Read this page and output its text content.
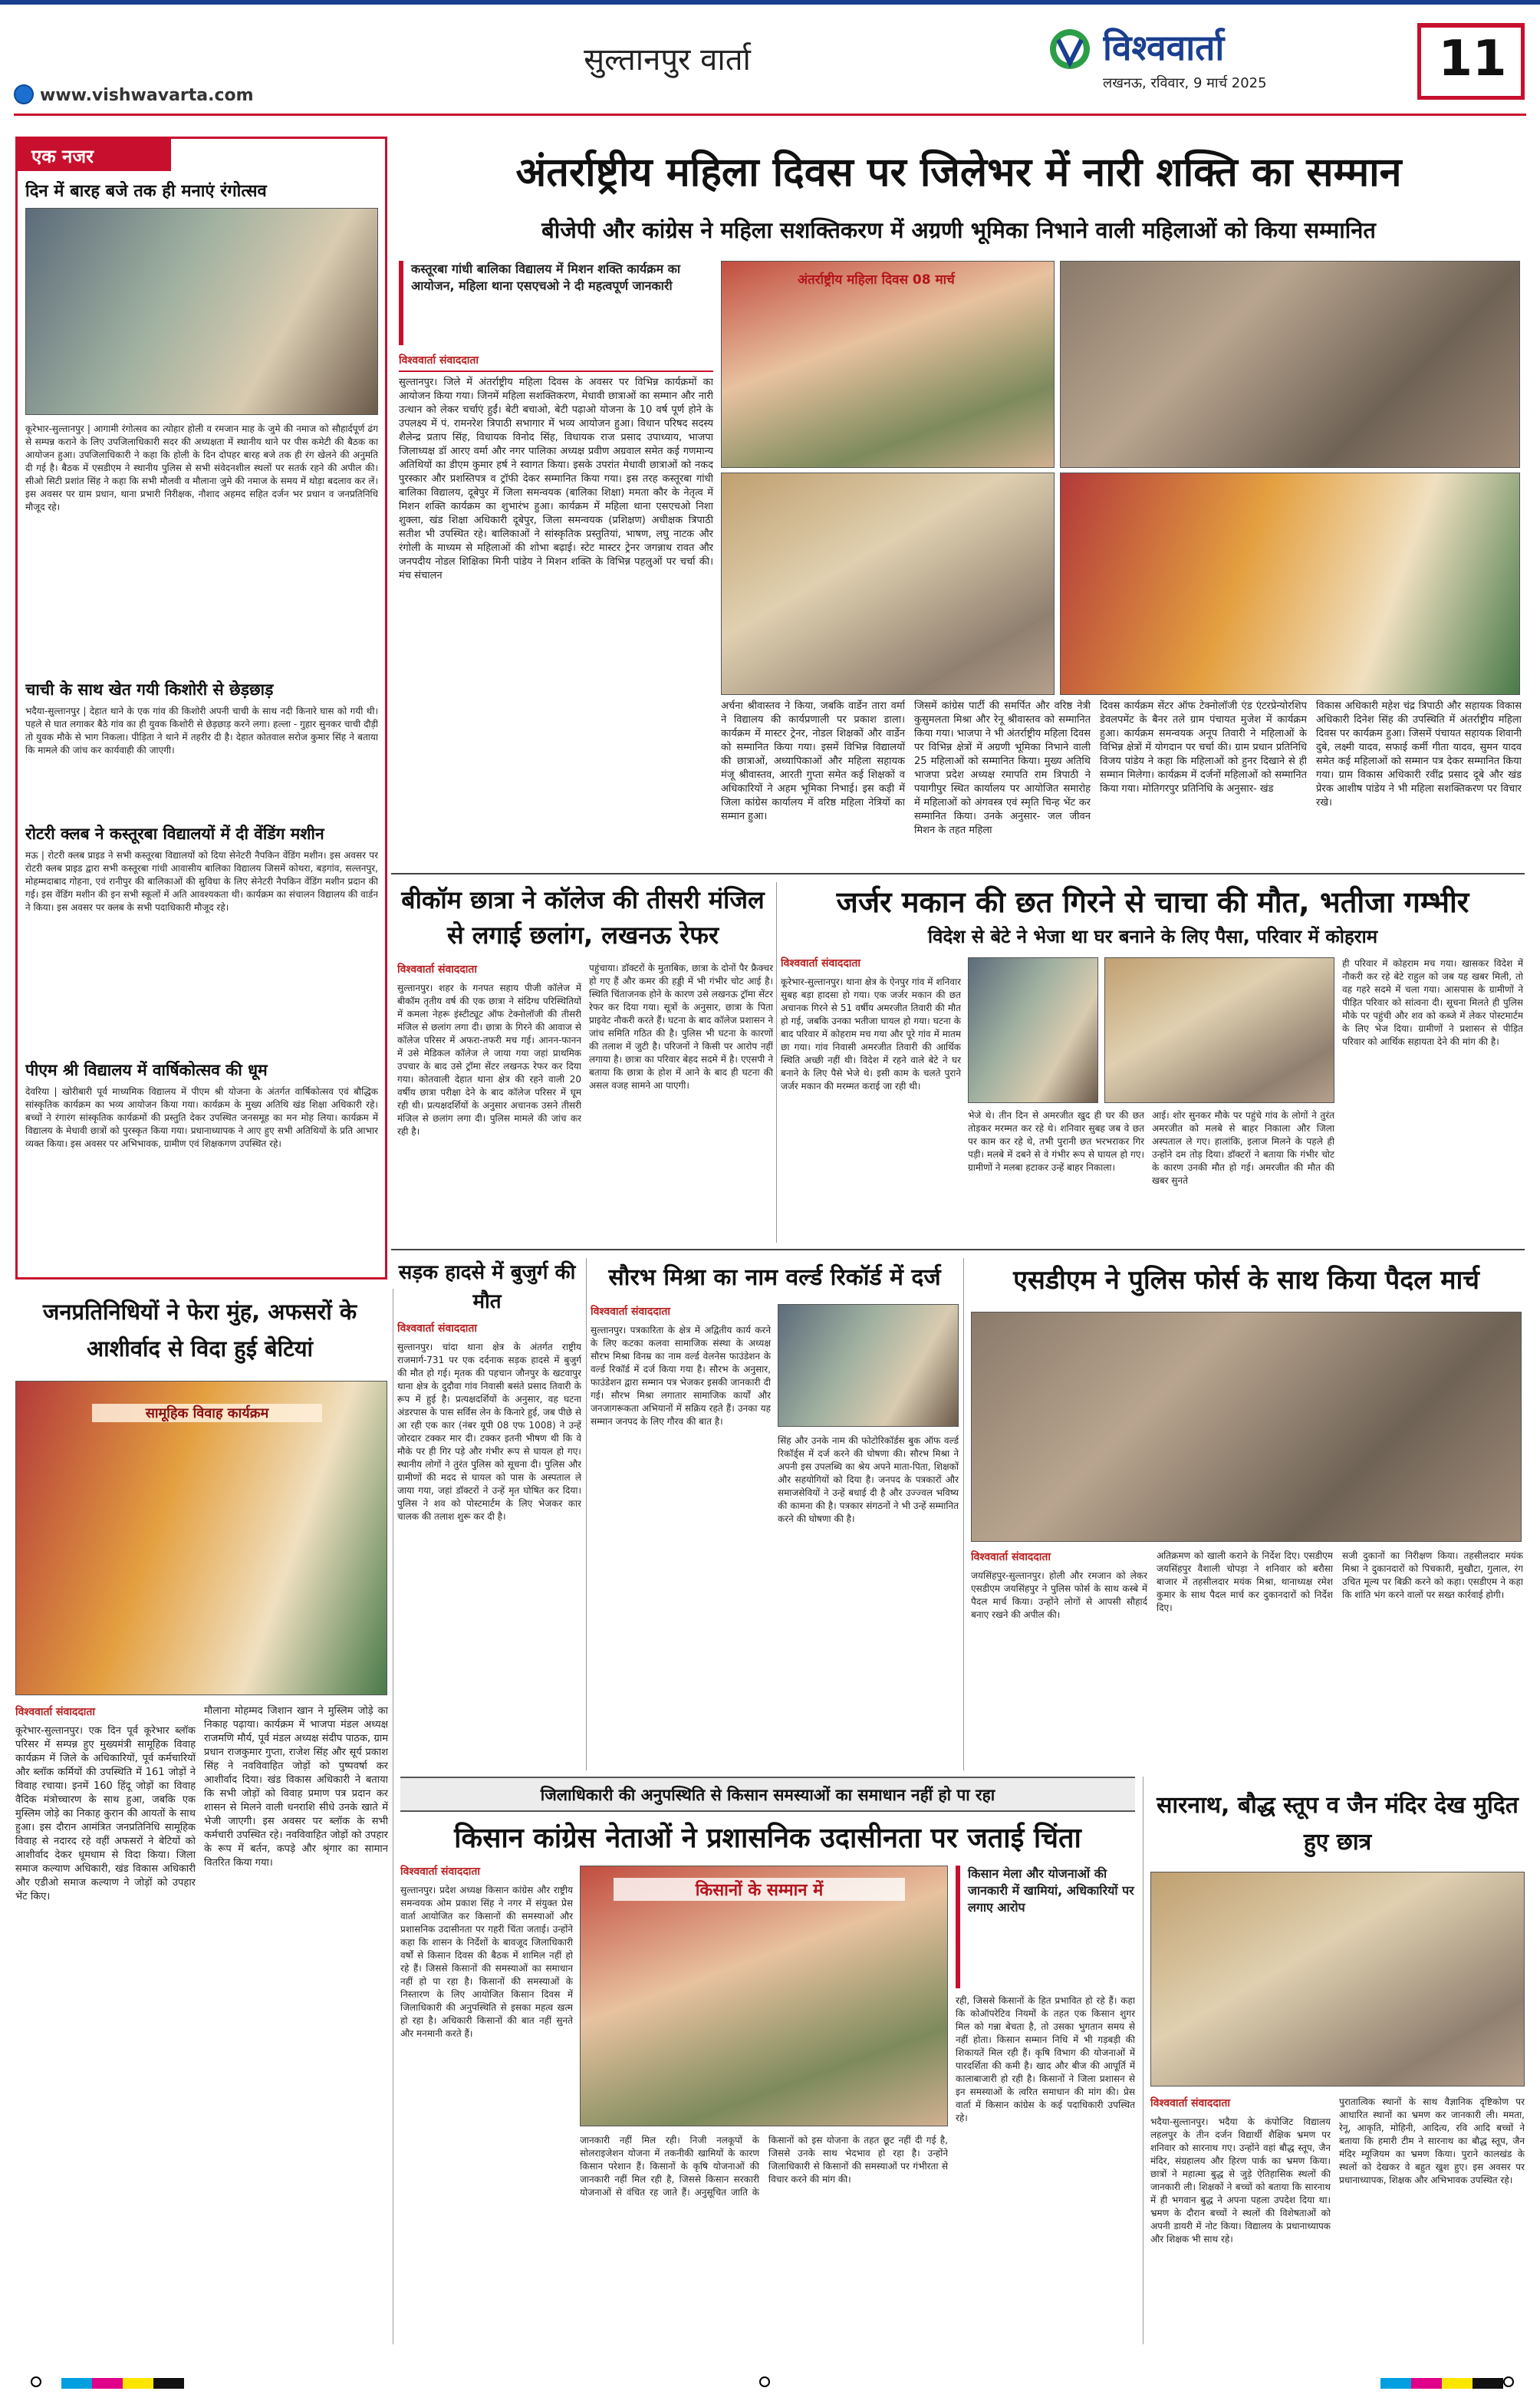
सुल्तानपुर वार्ता
www.vishwavarta.com
विश्ववार्ता
लखनऊ, रविवार, 9 मार्च 2025	11
एक नजर
दिन में बारह बजे तक ही मनाएं रंगोत्सव
कूरेभार-सुल्तानपुर | आगामी रंगोत्सव का त्योहार होली व रमजान माह के जुमे की नमाज को सौहार्दपूर्ण ढंग से सम्पन्न कराने के लिए उपजिलाधिकारी सदर की अध्यक्षता में स्थानीय थाने पर पीस कमेटी की बैठक का आयोजन हुआ। उपजिलाधिकारी ने कहा कि होली के दिन दोपहर बारह बजे तक ही रंग खेलने की अनुमति दी गई है। बैठक में एसडीएम ने स्थानीय पुलिस से सभी संवेदनशील स्थलों पर सतर्क रहने की अपील की। सीओ सिटी प्रशांत सिंह ने कहा कि सभी मौलवी व मौलाना जुमे की नमाज के समय में थोड़ा बदलाव कर लें। इस अवसर पर ग्राम प्रधान, थाना प्रभारी निरीक्षक, नौशाद अहमद सहित दर्जन भर प्रधान व जनप्रतिनिधि मौजूद रहे।
चाची के साथ खेत गयी किशोरी से छेड़छाड़
भदैया-सुल्तानपुर | देहात थाने के एक गांव की किशोरी अपनी चाची के साथ नदी किनारे घास को गयी थी। पहले से घात लगाकर बैठे गांव का ही युवक किशोरी से छेड़छाड़ करने लगा। हल्ला - गुहार सुनकर चाची दौड़ी तो युवक मौके से भाग निकला। पीड़िता ने थाने में तहरीर दी है। देहात कोतवाल सरोज कुमार सिंह ने बताया कि मामले की जांच कर कार्यवाही की जाएगी।
रोटरी क्लब ने कस्तूरबा विद्यालयों में दी वेंडिंग मशीन
मऊ | रोटरी क्लब प्राइड ने सभी कस्तूरबा विद्यालयों को दिया सेनेटरी नैपकिन वेंडिंग मशीन। इस अवसर पर रोटरी क्लब प्राइड द्वारा सभी कस्तूरबा गांधी आवासीय बालिका विद्यालय जिसमें कोथरा, बड़गांव, सल्तनपुर, मोहम्मदाबाद गोहना, एवं रानीपुर की बालिकाओं की सुविधा के लिए सेनेटरी नैपकिन वेंडिंग मशीन प्रदान की गई। इस वेंडिंग मशीन की इन सभी स्कूलों में अति आवश्यकता थी। कार्यक्रम का संचालन विद्यालय की वार्डन ने किया। इस अवसर पर क्लब के सभी पदाधिकारी मौजूद रहे।
पीएम श्री विद्यालय में वार्षिकोत्सव की धूम
देवरिया | खोरीबारी पूर्व माध्यमिक विद्यालय में पीएम श्री योजना के अंतर्गत वार्षिकोत्सव एवं बौद्धिक सांस्कृतिक कार्यक्रम का भव्य आयोजन किया गया। कार्यक्रम के मुख्य अतिथि खंड शिक्षा अधिकारी रहे। बच्चों ने रंगारंग सांस्कृतिक कार्यक्रमों की प्रस्तुति देकर उपस्थित जनसमूह का मन मोह लिया। कार्यक्रम में विद्यालय के मेधावी छात्रों को पुरस्कृत किया गया। प्रधानाध्यापक ने आए हुए सभी अतिथियों के प्रति आभार व्यक्त किया। इस अवसर पर अभिभावक, ग्रामीण एवं शिक्षकगण उपस्थित रहे।
अंतर्राष्ट्रीय महिला दिवस पर जिलेभर में नारी शक्ति का सम्मान
बीजेपी और कांग्रेस ने महिला सशक्तिकरण में अग्रणी भूमिका निभाने वाली महिलाओं को किया सम्मानित
कस्तूरबा गांधी बालिका विद्यालय में मिशन शक्ति कार्यक्रम का आयोजन, महिला थाना एसएचओ ने दी महत्वपूर्ण जानकारी	अंतर्राष्ट्रीय महिला दिवस 08 मार्च
विश्ववार्ता संवाददाता
सुल्तानपुर। जिले में अंतर्राष्ट्रीय महिला दिवस के अवसर पर विभिन्न कार्यक्रमों का आयोजन किया गया। जिनमें महिला सशक्तिकरण, मेधावी छात्राओं का सम्मान और नारी उत्थान को लेकर चर्चाएं हुईं। बेटी बचाओ, बेटी पढ़ाओ योजना के 10 वर्ष पूर्ण होने के उपलक्ष्य में पं. रामनरेश त्रिपाठी सभागार में भव्य आयोजन हुआ। विधान परिषद सदस्य शैलेन्द्र प्रताप सिंह, विधायक विनोद सिंह, विधायक राज प्रसाद उपाध्याय, भाजपा जिलाध्यक्ष डॉ आरए वर्मा और नगर पालिका अध्यक्ष प्रवीण अग्रवाल समेत कई गणमान्य अतिथियों का डीएम कुमार हर्ष ने स्वागत किया। इसके उपरांत मेधावी छात्राओं को नकद पुरस्कार और प्रशस्तिपत्र व ट्रॉफी देकर सम्मानित किया गया। इस तरह कस्तूरबा गांधी बालिका विद्यालय, दूबेपुर में जिला समन्वयक (बालिका शिक्षा) ममता कौर के नेतृत्व में मिशन शक्ति कार्यक्रम का शुभारंभ हुआ। कार्यक्रम में महिला थाना एसएचओ निशा शुक्ला, खंड शिक्षा अधिकारी दूबेपुर, जिला समन्वयक (प्रशिक्षण) अधीक्षक त्रिपाठी सतीश भी उपस्थित रहे। बालिकाओं ने सांस्कृतिक प्रस्तुतियां, भाषण, लघु नाटक और रंगोली के माध्यम से महिलाओं की शोभा बढ़ाई। स्टेट मास्टर ट्रेनर जगन्नाथ रावत और जनपदीय नोडल शिक्षिका मिनी पांडेय ने मिशन शक्ति के विभिन्न पहलुओं पर चर्चा की। मंच संचालन
अर्चना श्रीवास्तव ने किया, जबकि वार्डेन तारा वर्मा ने विद्यालय की कार्यप्रणाली पर प्रकाश डाला। कार्यक्रम में मास्टर ट्रेनर, नोडल शिक्षकों और वार्डेन को सम्मानित किया गया। इसमें विभिन्न विद्यालयों की छात्राओं, अध्यापिकाओं और महिला सहायक मंजू श्रीवास्तव, आरती गुप्ता समेत कई शिक्षकों व अधिकारियों ने अहम भूमिका निभाई। इस कड़ी में जिला कांग्रेस कार्यालय में वरिष्ठ महिला नेत्रियों का सम्मान हुआ।
जिसमें कांग्रेस पार्टी की समर्पित और वरिष्ठ नेत्री कुसुमलता मिश्रा और रेनू श्रीवास्तव को सम्मानित किया गया। भाजपा ने भी अंतर्राष्ट्रीय महिला दिवस पर विभिन्न क्षेत्रों में अग्रणी भूमिका निभाने वाली 25 महिलाओं को सम्मानित किया। मुख्य अतिथि भाजपा प्रदेश अध्यक्ष रमापति राम त्रिपाठी ने पयागीपुर स्थित कार्यालय पर आयोजित समारोह में महिलाओं को अंगवस्त्र एवं स्मृति चिन्ह भेंट कर सम्मानित किया। उनके अनुसार- जल जीवन मिशन के तहत महिला
दिवस कार्यक्रम सेंटर ऑफ टेक्नोलॉजी एंड एंटरप्रेन्योरशिप डेवलपमेंट के बैनर तले ग्राम पंचायत मुजेश में कार्यक्रम हुआ। कार्यक्रम समन्वयक अनूप तिवारी ने महिलाओं के विभिन्न क्षेत्रों में योगदान पर चर्चा की। ग्राम प्रधान प्रतिनिधि विजय पांडेय ने कहा कि महिलाओं को हुनर दिखाने से ही सम्मान मिलेगा। कार्यक्रम में दर्जनों महिलाओं को सम्मानित किया गया। मोतिगरपुर प्रतिनिधि के अनुसार- खंड
विकास अधिकारी महेश चंद्र त्रिपाठी और सहायक विकास अधिकारी दिनेश सिंह की उपस्थिति में अंतर्राष्ट्रीय महिला दिवस पर कार्यक्रम हुआ। जिसमें पंचायत सहायक शिवानी दुबे, लक्ष्मी यादव, सफाई कर्मी गीता यादव, सुमन यादव समेत कई महिलाओं को सम्मान पत्र देकर सम्मानित किया गया। ग्राम विकास अधिकारी रवींद्र प्रसाद दूबे और खंड प्रेरक आशीष पांडेय ने भी महिला सशक्तिकरण पर विचार रखे।
बीकॉम छात्रा ने कॉलेज की तीसरी मंजिल से लगाई छलांग, लखनऊ रेफर
विश्ववार्ता संवाददाता
सुल्तानपुर। शहर के गनपत सहाय पीजी कॉलेज में बीकॉम तृतीय वर्ष की एक छात्रा ने संदिग्ध परिस्थितियों में कमला नेहरू इंस्टीट्यूट ऑफ टेक्नोलॉजी की तीसरी मंजिल से छलांग लगा दी। छात्रा के गिरने की आवाज से कॉलेज परिसर में अफरा-तफरी मच गई। आनन-फानन में उसे मेडिकल कॉलेज ले जाया गया जहां प्राथमिक उपचार के बाद उसे ट्रॉमा सेंटर लखनऊ रेफर कर दिया गया। कोतवाली देहात थाना क्षेत्र की रहने वाली 20 वर्षीय छात्रा परीक्षा देने के बाद कॉलेज परिसर में घूम रही थी। प्रत्यक्षदर्शियों के अनुसार अचानक उसने तीसरी मंजिल से छलांग लगा दी। पुलिस मामले की जांच कर रही है।
पहुंचाया। डॉक्टरों के मुताबिक, छात्रा के दोनों पैर फ्रैक्चर हो गए हैं और कमर की हड्डी में भी गंभीर चोट आई है। स्थिति चिंताजनक होने के कारण उसे लखनऊ ट्रॉमा सेंटर रेफर कर दिया गया। सूत्रों के अनुसार, छात्रा के पिता प्राइवेट नौकरी करते हैं। घटना के बाद कॉलेज प्रशासन ने जांच समिति गठित की है। पुलिस भी घटना के कारणों की तलाश में जुटी है। परिजनों ने किसी पर आरोप नहीं लगाया है। छात्रा का परिवार बेहद सदमे में है। एएसपी ने बताया कि छात्रा के होश में आने के बाद ही घटना की असल वजह सामने आ पाएगी।
जर्जर मकान की छत गिरने से चाचा की मौत, भतीजा गम्भीर
विदेश से बेटे ने भेजा था घर बनाने के लिए पैसा, परिवार में कोहराम
विश्ववार्ता संवाददाता
कूरेभार-सुल्तानपुर। थाना क्षेत्र के ऐनपुर गांव में शनिवार सुबह बड़ा हादसा हो गया। एक जर्जर मकान की छत अचानक गिरने से 51 वर्षीय अमरजीत तिवारी की मौत हो गई, जबकि उनका भतीजा घायल हो गया। घटना के बाद परिवार में कोहराम मच गया और पूरे गांव में मातम छा गया। गांव निवासी अमरजीत तिवारी की आर्थिक स्थिति अच्छी नहीं थी। विदेश में रहने वाले बेटे ने घर बनाने के लिए पैसे भेजे थे। इसी काम के चलते पुराने जर्जर मकान की मरम्मत कराई जा रही थी।
भेजे थे। तीन दिन से अमरजीत खुद ही घर की छत तोड़कर मरम्मत कर रहे थे। शनिवार सुबह जब वे छत पर काम कर रहे थे, तभी पुरानी छत भरभराकर गिर पड़ी। मलबे में दबने से वे गंभीर रूप से घायल हो गए। ग्रामीणों ने मलबा हटाकर उन्हें बाहर निकाला।
आई। शोर सुनकर मौके पर पहुंचे गांव के लोगों ने तुरंत अमरजीत को मलबे से बाहर निकाला और जिला अस्पताल ले गए। हालांकि, इलाज मिलने के पहले ही उन्होंने दम तोड़ दिया। डॉक्टरों ने बताया कि गंभीर चोट के कारण उनकी मौत हो गई। अमरजीत की मौत की खबर सुनते
ही परिवार में कोहराम मच गया। खासकर विदेश में नौकरी कर रहे बेटे राहुल को जब यह खबर मिली, तो वह गहरे सदमे में चला गया। आसपास के ग्रामीणों ने पीड़ित परिवार को सांत्वना दी। सूचना मिलते ही पुलिस मौके पर पहुंची और शव को कब्जे में लेकर पोस्टमार्टम के लिए भेज दिया। ग्रामीणों ने प्रशासन से पीड़ित परिवार को आर्थिक सहायता देने की मांग की है।
सड़क हादसे में बुजुर्ग की मौत
विश्ववार्ता संवाददाता
सुल्तानपुर। चांदा थाना क्षेत्र के अंतर्गत राष्ट्रीय राजमार्ग-731 पर एक दर्दनाक सड़क हादसे में बुजुर्ग की मौत हो गई। मृतक की पहचान जौनपुर के खटवापुर थाना क्षेत्र के दुदौवा गांव निवासी बसंते प्रसाद तिवारी के रूप में हुई है। प्रत्यक्षदर्शियों के अनुसार, वह घटना अंडरपास के पास सर्विस लेन के किनारे हुई, जब पीछे से आ रही एक कार (नंबर यूपी 08 एफ 1008) ने उन्हें जोरदार टक्कर मार दी। टक्कर इतनी भीषण थी कि वे मौके पर ही गिर पड़े और गंभीर रूप से घायल हो गए। स्थानीय लोगों ने तुरंत पुलिस को सूचना दी। पुलिस और ग्रामीणों की मदद से घायल को पास के अस्पताल ले जाया गया, जहां डॉक्टरों ने उन्हें मृत घोषित कर दिया। पुलिस ने शव को पोस्टमार्टम के लिए भेजकर कार चालक की तलाश शुरू कर दी है।
सौरभ मिश्रा का नाम वर्ल्ड रिकॉर्ड में दर्ज
विश्ववार्ता संवाददाता
सुल्तानपुर। पत्रकारिता के क्षेत्र में अद्वितीय कार्य करने के लिए कटका कलवा सामाजिक संस्था के अध्यक्ष सौरभ मिश्रा विनम्र का नाम वर्ल्ड वेलनेस फाउंडेशन के वर्ल्ड रिकॉर्ड में दर्ज किया गया है। सौरभ के अनुसार, फाउंडेशन द्वारा सम्मान पत्र भेजकर इसकी जानकारी दी गई। सौरभ मिश्रा लगातार सामाजिक कार्यों और जनजागरूकता अभियानों में सक्रिय रहते हैं। उनका यह सम्मान जनपद के लिए गौरव की बात है।
सिंह और उनके नाम की फोटोरिकॉर्डस बुक ऑफ वर्ल्ड रिकॉर्ड्स में दर्ज करने की घोषणा की। सौरभ मिश्रा ने अपनी इस उपलब्धि का श्रेय अपने माता-पिता, शिक्षकों और सहयोगियों को दिया है। जनपद के पत्रकारों और समाजसेवियों ने उन्हें बधाई दी है और उज्ज्वल भविष्य की कामना की है। पत्रकार संगठनों ने भी उन्हें सम्मानित करने की घोषणा की है।
एसडीएम ने पुलिस फोर्स के साथ किया पैदल मार्च
विश्ववार्ता संवाददाता
जयसिंहपुर-सुल्तानपुर। होली और रमजान को लेकर एसडीएम जयसिंहपुर ने पुलिस फोर्स के साथ कस्बे में पैदल मार्च किया। उन्होंने लोगों से आपसी सौहार्द बनाए रखने की अपील की।
अतिक्रमण को खाली कराने के निर्देश दिए। एसडीएम जयसिंहपुर वैशाली चोपड़ा ने शनिवार को बरौसा बाजार में तहसीलदार मयंक मिश्रा, थानाध्यक्ष रमेश कुमार के साथ पैदल मार्च कर दुकानदारों को निर्देश दिए।
सजी दुकानों का निरीक्षण किया। तहसीलदार मयंक मिश्रा ने दुकानदारों को पिचकारी, मुखौटा, गुलाल, रंग उचित मूल्य पर बिक्री करने को कहा। एसडीएम ने कहा कि शांति भंग करने वालों पर सख्त कार्रवाई होगी।
जनप्रतिनिधियों ने फेरा मुंह, अफसरों के आशीर्वाद से विदा हुई बेटियां
सामूहिक विवाह कार्यक्रम
विश्ववार्ता संवाददाता
कूरेभार-सुल्तानपुर। एक दिन पूर्व कूरेभार ब्लॉक परिसर में सम्पन्न हुए मुख्यमंत्री सामूहिक विवाह कार्यक्रम में जिले के अधिकारियों, पूर्व कर्मचारियों और ब्लॉक कर्मियों की उपस्थिति में 161 जोड़ों ने विवाह रचाया। इनमें 160 हिंदू जोड़ों का विवाह वैदिक मंत्रोच्चारण के साथ हुआ, जबकि एक मुस्लिम जोड़े का निकाह कुरान की आयतों के साथ हुआ। इस दौरान आमंत्रित जनप्रतिनिधि सामूहिक विवाह से नदारद रहे वहीं अफसरों ने बेटियों को आशीर्वाद देकर धूमधाम से विदा किया। जिला समाज कल्याण अधिकारी, खंड विकास अधिकारी और एडीओ समाज कल्याण ने जोड़ों को उपहार भेंट किए।
मौलाना मोहम्मद जिशान खान ने मुस्लिम जोड़े का निकाह पढ़ाया। कार्यक्रम में भाजपा मंडल अध्यक्ष राजमणि मौर्य, पूर्व मंडल अध्यक्ष संदीप पाठक, ग्राम प्रधान राजकुमार गुप्ता, राजेश सिंह और सूर्य प्रकाश सिंह ने नवविवाहित जोड़ों को पुष्पवर्षा कर आशीर्वाद दिया। खंड विकास अधिकारी ने बताया कि सभी जोड़ों को विवाह प्रमाण पत्र प्रदान कर शासन से मिलने वाली धनराशि सीधे उनके खाते में भेजी जाएगी। इस अवसर पर ब्लॉक के सभी कर्मचारी उपस्थित रहे। नवविवाहित जोड़ों को उपहार के रूप में बर्तन, कपड़े और श्रृंगार का सामान वितरित किया गया।
जिलाधिकारी की अनुपस्थिति से किसान समस्याओं का समाधान नहीं हो पा रहा
किसान कांग्रेस नेताओं ने प्रशासनिक उदासीनता पर जताई चिंता
विश्ववार्ता संवाददाता
सुल्तानपुर। प्रदेश अध्यक्ष किसान कांग्रेस और राष्ट्रीय समन्वयक ओम प्रकाश सिंह ने नगर में संयुक्त प्रेस वार्ता आयोजित कर किसानों की समस्याओं और प्रशासनिक उदासीनता पर गहरी चिंता जताई। उन्होंने कहा कि शासन के निर्देशों के बावजूद जिलाधिकारी वर्षों से किसान दिवस की बैठक में शामिल नहीं हो रहे हैं। जिससे किसानों की समस्याओं का समाधान नहीं हो पा रहा है। किसानों की समस्याओं के निस्तारण के लिए आयोजित किसान दिवस में जिलाधिकारी की अनुपस्थिति से इसका महत्व खत्म हो रहा है। अधिकारी किसानों की बात नहीं सुनते और मनमानी करते हैं।
किसानों के सम्मान में
किसान मेला और योजनाओं की जानकारी में खामियां, अधिकारियों पर लगाए आरोप
जानकारी नहीं मिल रही। निजी नलकूपों के सोलराइजेशन योजना में तकनीकी खामियों के कारण किसान परेशान हैं। किसानों के कृषि योजनाओं की जानकारी नहीं मिल रही है, जिससे किसान सरकारी योजनाओं से वंचित रह जाते हैं। अनुसूचित जाति के किसानों को इस योजना के तहत छूट नहीं दी गई है, जिससे उनके साथ भेदभाव हो रहा है। उन्होंने जिलाधिकारी से किसानों की समस्याओं पर गंभीरता से विचार करने की मांग की।
रही, जिससे किसानों के हित प्रभावित हो रहे हैं। कहा कि कोऑपरेटिव नियमों के तहत एक किसान शुगर मिल को गन्ना बेचता है, तो उसका भुगतान समय से नहीं होता। किसान सम्मान निधि में भी गड़बड़ी की शिकायतें मिल रही हैं। कृषि विभाग की योजनाओं में पारदर्शिता की कमी है। खाद और बीज की आपूर्ति में कालाबाजारी हो रही है। किसानों ने जिला प्रशासन से इन समस्याओं के त्वरित समाधान की मांग की। प्रेस वार्ता में किसान कांग्रेस के कई पदाधिकारी उपस्थित रहे।
सारनाथ, बौद्ध स्तूप व जैन मंदिर देख मुदित हुए छात्र
विश्ववार्ता संवाददाता
भदैया-सुल्तानपुर। भदैया के कंपोजिट विद्यालय लहलपुर के तीन दर्जन विद्यार्थी शैक्षिक भ्रमण पर शनिवार को सारनाथ गए। उन्होंने वहां बौद्ध स्तूप, जैन मंदिर, संग्रहालय और हिरण पार्क का भ्रमण किया। छात्रों ने महात्मा बुद्ध से जुड़े ऐतिहासिक स्थलों की जानकारी ली। शिक्षकों ने बच्चों को बताया कि सारनाथ में ही भगवान बुद्ध ने अपना पहला उपदेश दिया था। भ्रमण के दौरान बच्चों ने स्थलों की विशेषताओं को अपनी डायरी में नोट किया। विद्यालय के प्रधानाध्यापक और शिक्षक भी साथ रहे।
पुरातात्विक स्थानों के साथ वैज्ञानिक दृष्टिकोण पर आधारित स्थानों का भ्रमण कर जानकारी ली। ममता, रेनू, आकृति, मोहिनी, आदित्य, रवि आदि बच्चों ने बताया कि हमारी टीम ने सारनाथ का बौद्ध स्तूप, जैन मंदिर म्यूजियम का भ्रमण किया। पुराने कालखंड के स्थलों को देखकर वे बहुत खुश हुए। इस अवसर पर प्रधानाध्यापक, शिक्षक और अभिभावक उपस्थित रहे।
